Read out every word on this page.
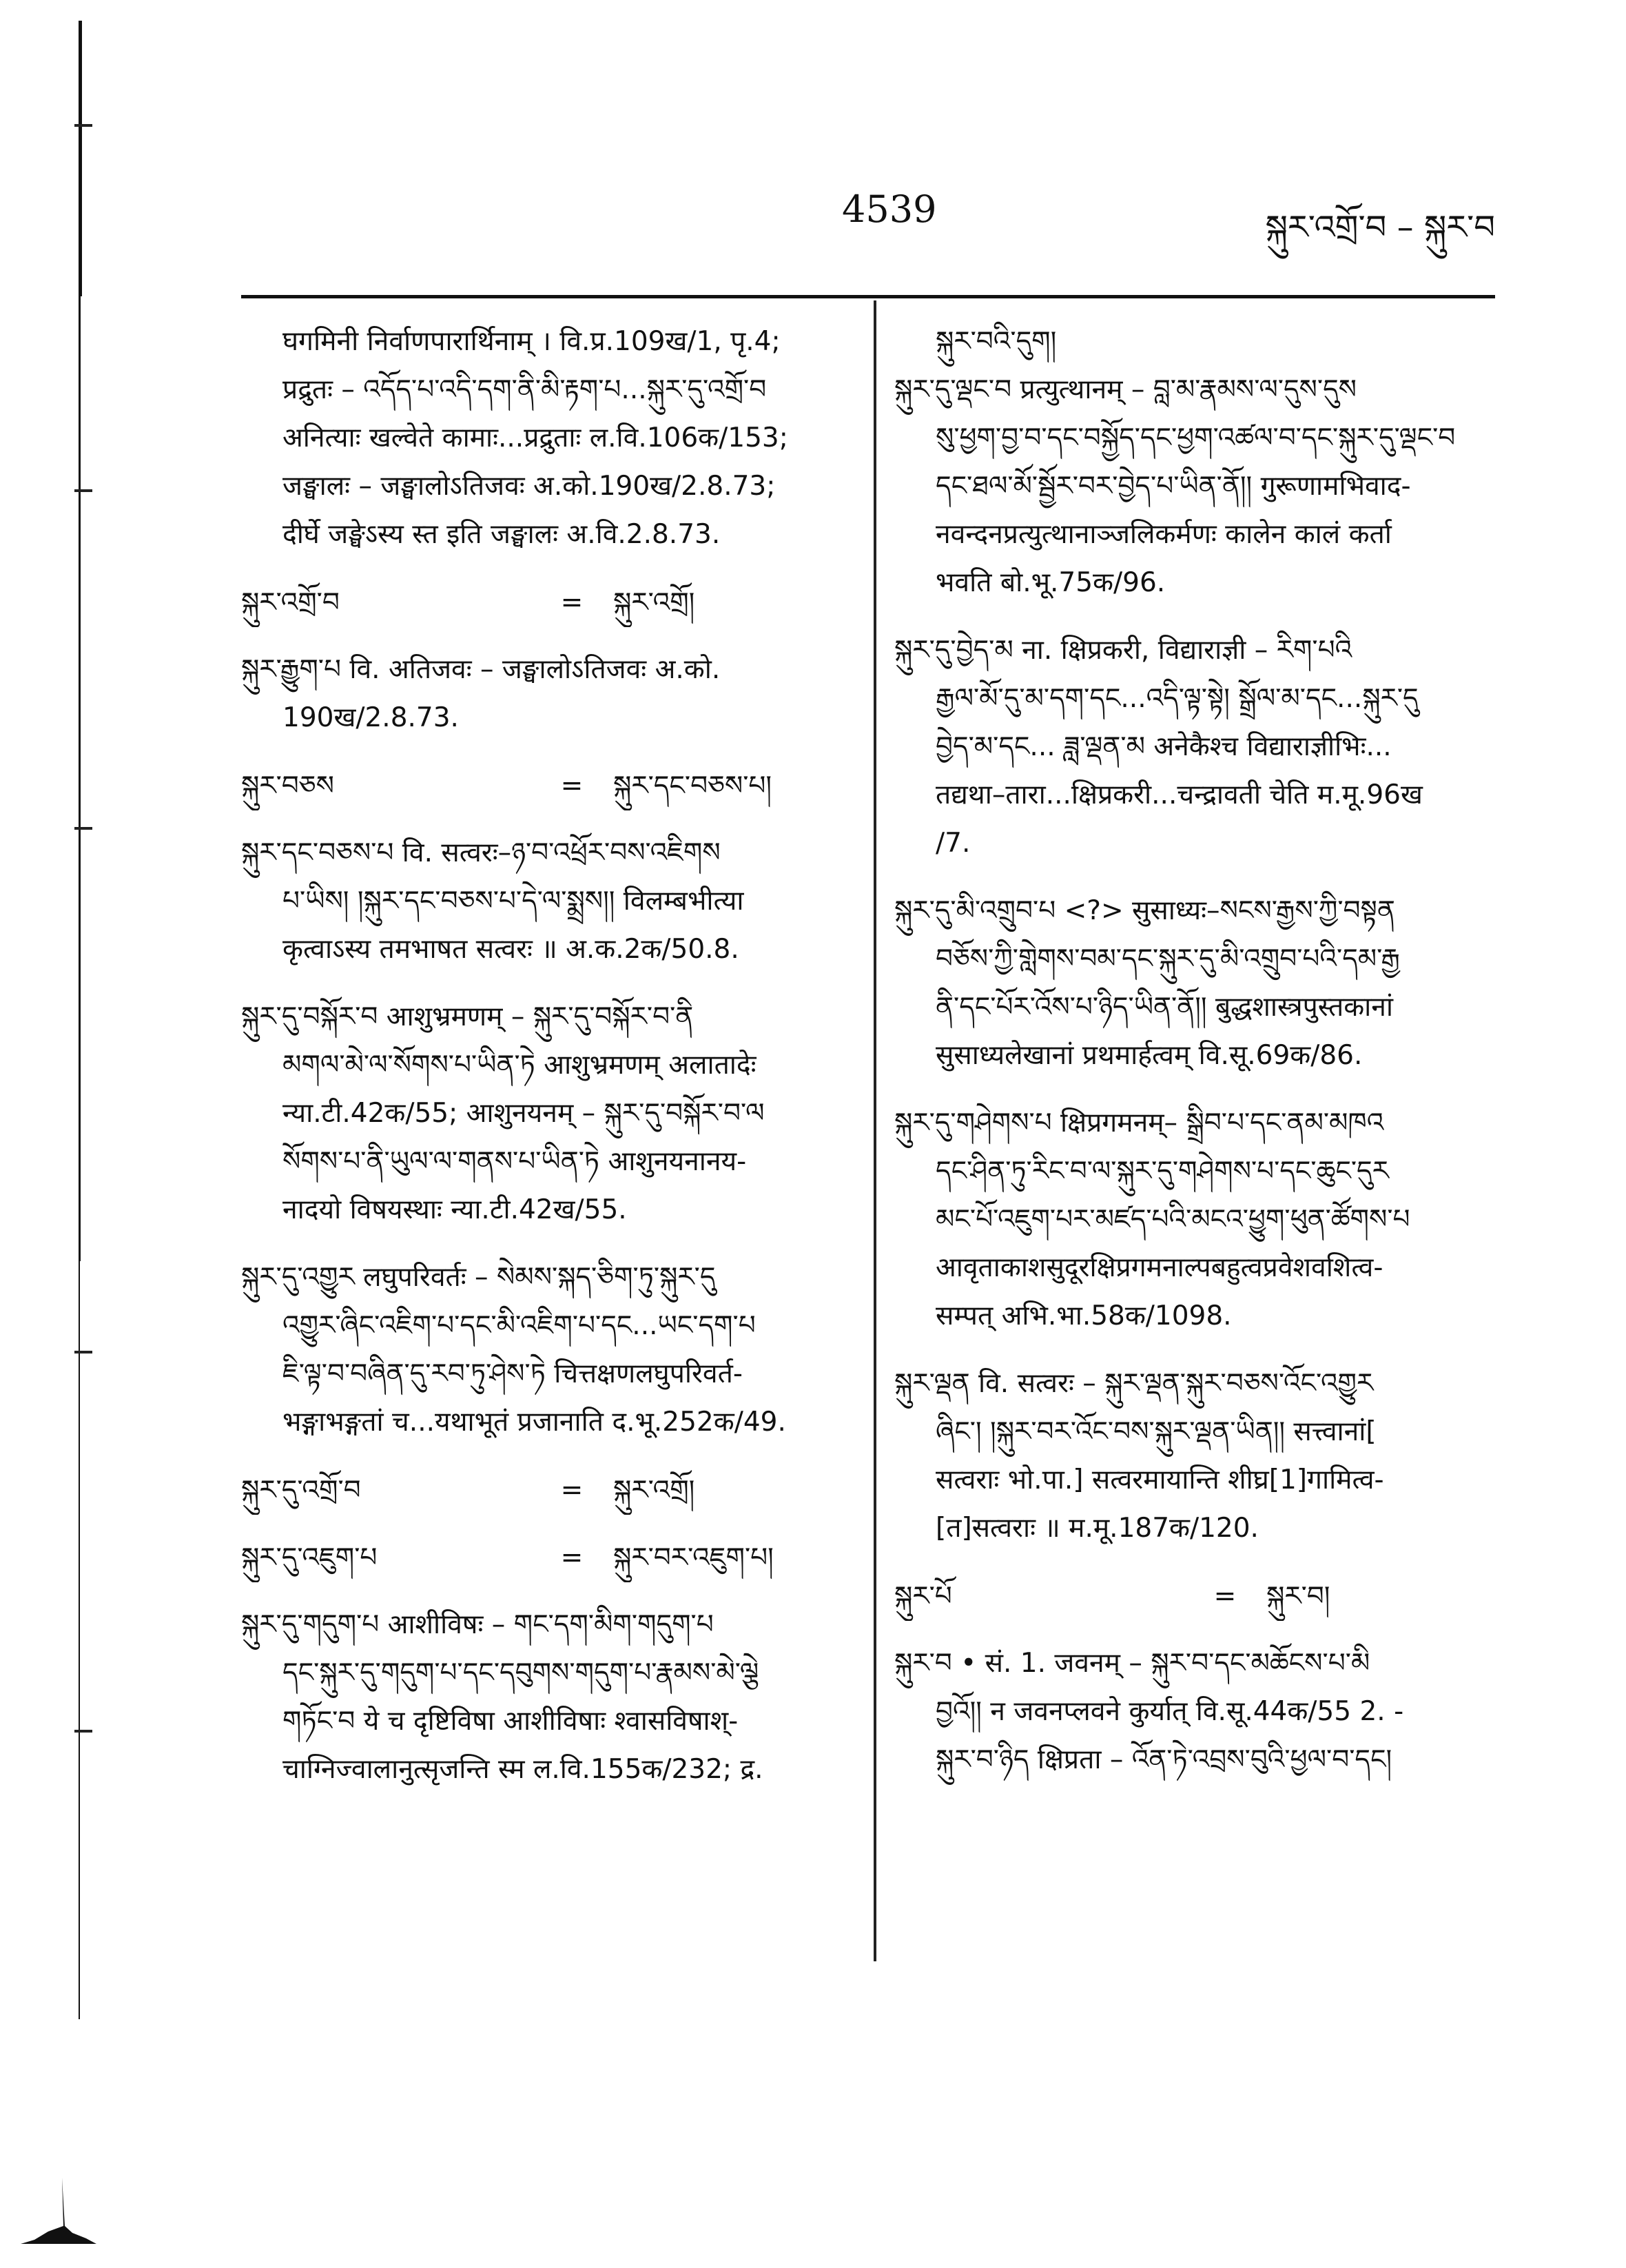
4539	སྐུར་འགྲོ་བ – སྐུར་བ
घगमिनी निर्वाणपारार्थिनाम् । वि.प्र.109ख/1, पृ.4;
प्रद्रुतः – འདོད་པ་འདི་དག་ནི་མི་རྟག་པ...སྐུར་དུ་འགྲོ་བ
अनित्याः खल्वेते कामाः...प्रद्रुताः ल.वि.106क/153;
जङ्घालः – जङ्घालोऽतिजवः अ.को.190ख/2.8.73;
दीर्घे जङ्घेऽस्य स्त इति जङ्घालः अ.वि.2.8.73.
སྐུར་འགྲོ་བ	=	སྐུར་འགྲོ།
སྐུར་རྒྱུག་པ वि. अतिजवः – जङ्घालोऽतिजवः अ.को.
190ख/2.8.73.
སྐུར་བཅས	=	སྐུར་དང་བཅས་པ།
སྐུར་དང་བཅས་པ वि. सत्वरः–ཉ་བ་འཕྲོར་བས་འཇིགས
པ་ཡིས། །སྐུར་དང་བཅས་པ་དེ་ལ་སྨྲས།། विलम्बभीत्या
कृत्वाऽस्य तमभाषत सत्वरः ॥ अ.क.2क/50.8.
སྐུར་དུ་བསྐོར་བ आशुभ्रमणम् – སྐུར་དུ་བསྐོར་བ་ནི
མགལ་མེ་ལ་སོགས་པ་ཡིན་ཏེ आशुभ्रमणम् अलातादेः
न्या.टी.42क/55; आशुनयनम् – སྐུར་དུ་བསྐོར་བ་ལ
སོགས་པ་ནི་ཡུལ་ལ་གནས་པ་ཡིན་ཏེ आशुनयनानय-
नादयो विषयस्थाः न्या.टी.42ख/55.
སྐུར་དུ་འགྱུར लघुपरिवर्तः – སེམས་སྐད་ཅིག་ཏུ་སྐུར་དུ
འགྱུར་ཞིང་འཇིག་པ་དང་མི་འཇིག་པ་དང...ཡང་དག་པ
ཇི་ལྟ་བ་བཞིན་དུ་རབ་ཏུ་ཤེས་ཏེ चित्तक्षणलघुपरिवर्त-
भङ्गाभङ्गतां च...यथाभूतं प्रजानाति द.भू.252क/49.
སྐུར་དུ་འགྲོ་བ	=	སྐུར་འགྲོ།
སྐུར་དུ་འཇུག་པ	=	སྐུར་བར་འཇུག་པ།
སྐུར་དུ་གདུག་པ आशीविषः – གང་དག་མིག་གདུག་པ
དང་སྐུར་དུ་གདུག་པ་དང་དབུགས་གདུག་པ་རྣམས་མེ་ལྕེ
གཏོང་བ ये च दृष्टिविषा आशीविषाः श्वासविषाश्-
चाग्निज्वालानुत्सृजन्ति स्म ल.वि.155क/232; द्र.
སྐུར་བའི་དུག།
སྐུར་དུ་ལྡང་བ प्रत्युत्थानम् – བླ་མ་རྣམས་ལ་དུས་དུས
སུ་ཕྱག་བྱ་བ་དང་བསྐྱོད་དང་ཕྱག་འཚལ་བ་དང་སྐུར་དུ་ལྡང་བ
དང་ཐལ་མོ་སྦྱོར་བར་བྱེད་པ་ཡིན་ནོ།། गुरूणामभिवाद-
नवन्दनप्रत्युत्थानाञ्जलिकर्मणः कालेन कालं कर्ता
भवति बो.भू.75क/96.
སྐུར་དུ་བྱེད་མ ना. क्षिप्रकरी, विद्याराज्ञी – རིག་པའི
རྒྱལ་མོ་དུ་མ་དག་དང...འདི་ལྟ་སྟེ། སྒྲོལ་མ་དང...སྐུར་དུ
བྱེད་མ་དང... ཟླ་ལྡན་མ अनेकैश्च विद्याराज्ञीभिः...
तद्यथा–तारा...क्षिप्रकरी...चन्द्रावती चेति म.मू.96ख
/7.
སྐུར་དུ་མི་འགྲུབ་པ <?> सुसाध्यः–སངས་རྒྱས་ཀྱི་བསྟན
བཅོས་ཀྱི་གླེགས་བམ་དང་སྐུར་དུ་མི་འགྲུབ་པའི་དམ་རྒྱ
ནི་དང་པོར་འོས་པ་ཉིད་ཡིན་ནོ།། बुद्धशास्त्रपुस्तकानां
सुसाध्यलेखानां प्रथमार्हत्वम् वि.सू.69क/86.
སྐུར་དུ་གཤེགས་པ क्षिप्रगमनम्– སྒྲིབ་པ་དང་ནམ་མཁའ
དང་ཤིན་ཏུ་རིང་བ་ལ་སྐུར་དུ་གཤེགས་པ་དང་ཆུང་དུར
མང་པོ་འཇུག་པར་མཛད་པའི་མངའ་ཕྱུག་ཕུན་ཚོགས་པ
आवृताकाशसुदूरक्षिप्रगमनाल्पबहुत्वप्रवेशवशित्व-
सम्पत् अभि.भा.58क/1098.
སྐུར་ལྡན वि. सत्वरः – སྐུར་ལྡན་སྐུར་བཅས་འོང་འགྱུར
ཞིང་། །སྐུར་བར་འོང་བས་སྐུར་ལྡན་ཡིན།། सत्त्वानां[
सत्वराः भो.पा.] सत्वरमायान्ति शीघ्र[1]गामित्व-
[त]सत्वराः ॥ म.मू.187क/120.
སྐུར་པོ	=	སྐུར་བ།
སྐུར་བ • सं. 1. जवनम् – སྐུར་བ་དང་མཆོངས་པ་མི
བྱའོ།། न जवनप्लवने कुर्यात् वि.सू.44क/55 2. -
སྐུར་བ་ཉིད क्षिप्रता – འོན་ཏེ་འབྲས་བུའི་ཕྱལ་བ་དང།
